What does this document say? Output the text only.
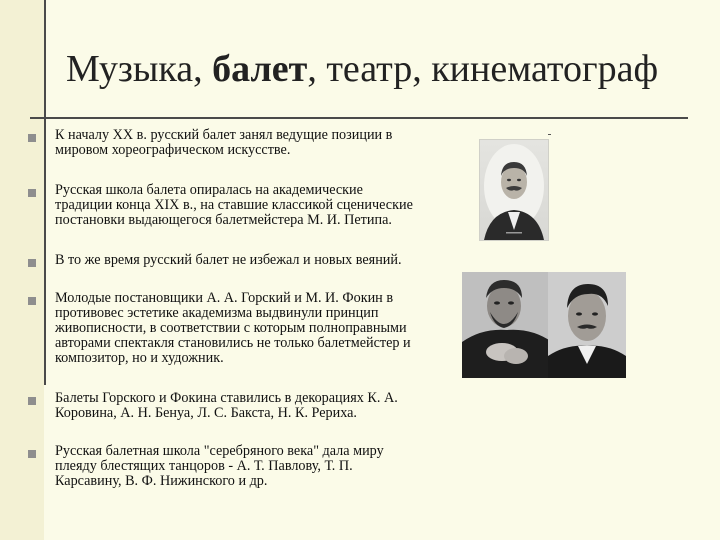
Музыка, балет, театр, кинематограф
К началу XX в. русский балет занял ведущие позиции в
мировом хореографическом искусстве.
Русская школа балета опиралась на академические
традиции конца XIX в., на ставшие классикой сценические
постановки выдающегося балетмейстера М. И. Петипа.
В то же время русский балет не избежал и новых веяний.
Молодые постановщики А. А. Горский и М. И. Фокин в
противовес эстетике академизма выдвинули принцип
живописности, в соответствии с которым полноправными
авторами спектакля становились не только балетмейстер и
композитор, но и художник.
Балеты Горского и Фокина ставились в декорациях К. А.
Коровина, А. Н. Бенуа, Л. С. Бакста, Н. К. Рериха.
Русская балетная школа "серебряного века" дала миру
плеяду блестящих танцоров - А. Т. Павлову, Т. П.
Карсавину, В. Ф. Нижинского и др.
